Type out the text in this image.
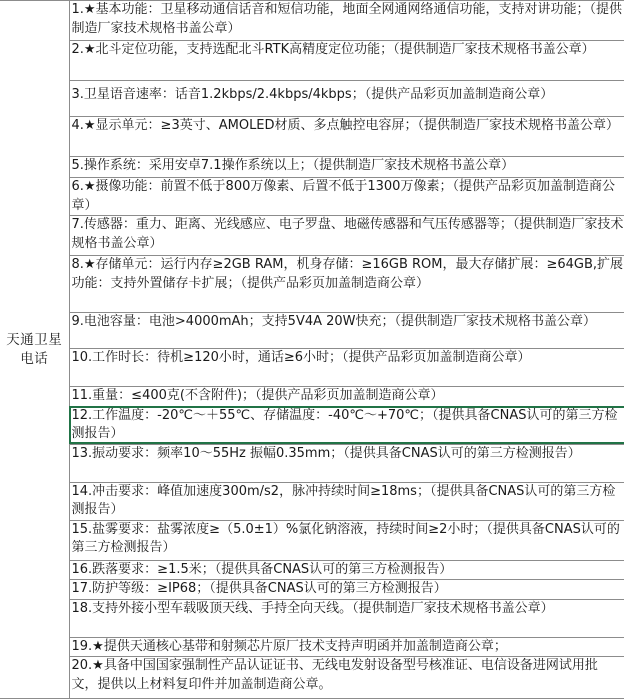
天通卫星电话	
1.★基本功能：卫星移动通信话音和短信功能，地面全网通网络通信功能，支持对讲功能；（提供制造厂家技术规格书盖公章）

2.★北斗定位功能，支持选配北斗RTK高精度定位功能；（提供制造厂家技术规格书盖公章）

3.卫星语音速率：话音1.2kbps/2.4kbps/4kbps；（提供产品彩页加盖制造商公章）

4.★显示单元：≥3英寸、AMOLED材质、多点触控电容屏；（提供制造厂家技术规格书盖公章）

5.操作系统：采用安卓7.1操作系统以上；（提供制造厂家技术规格书盖公章）

6.★摄像功能：前置不低于800万像素、后置不低于1300万像素；（提供产品彩页加盖制造商公章）

7.传感器：重力、距离、光线感应、电子罗盘、地磁传感器和气压传感器等；（提供制造厂家技术规格书盖公章）

8.★存储单元：运行内存≥2GB RAM，机身存储：≥16GB ROM，最大存储扩展：≥64GB,扩展功能：支持外置储存卡扩展；（提供产品彩页加盖制造商公章）

9.电池容量：电池>4000mAh；支持5V4A 20W快充；（提供制造厂家技术规格书盖公章）

10.工作时长：待机≥120小时，通话≥6小时；（提供产品彩页加盖制造商公章）

11.重量：≤400克(不含附件)；（提供产品彩页加盖制造商公章）

12.工作温度：-20℃～＋55℃、存储温度：-40℃～+70℃；（提供具备CNAS认可的第三方检测报告）

13.振动要求：频率10～55Hz 振幅0.35mm；（提供具备CNAS认可的第三方检测报告）

14.冲击要求：峰值加速度300m/s2，脉冲持续时间≥18ms；（提供具备CNAS认可的第三方检测报告）

15.盐雾要求：盐雾浓度≥（5.0±1）%氯化钠溶液，持续时间≥2小时；（提供具备CNAS认可的第三方检测报告）

16.跌落要求：≥1.5米；（提供具备CNAS认可的第三方检测报告）

17.防护等级：≥IP68；（提供具备CNAS认可的第三方检测报告）

18.支持外接小型车载吸顶天线、手持全向天线。（提供制造厂家技术规格书盖公章）

19.★提供天通核心基带和射频芯片原厂技术支持声明函并加盖制造商公章；

20.★具备中国国家强制性产品认证证书、无线电发射设备型号核准证、电信设备进网试用批文，提供以上材料复印件并加盖制造商公章。
